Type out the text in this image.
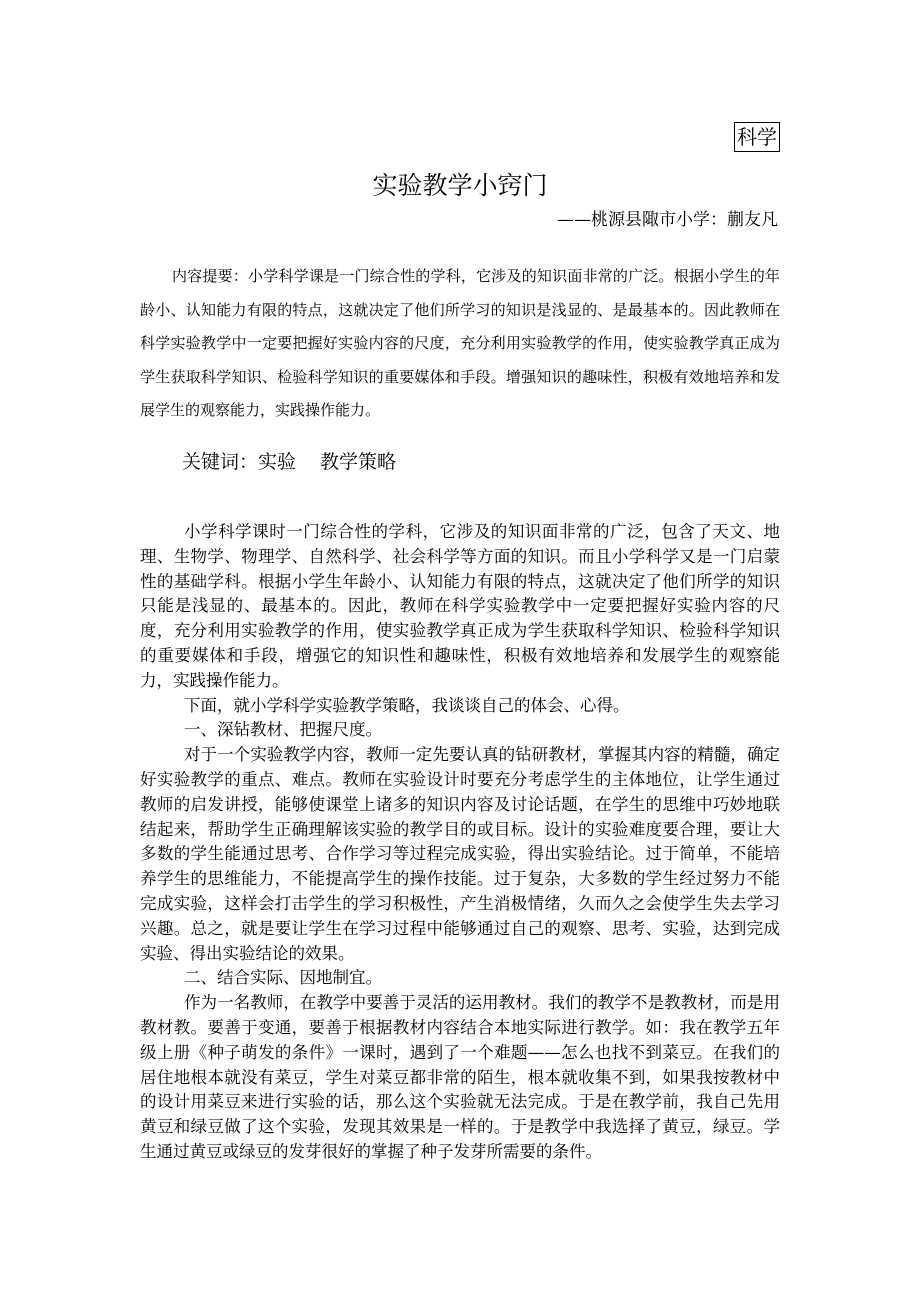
科学
实验教学小窍门
——桃源县陬市小学：蒯友凡

内容提要：小学科学课是一门综合性的学科，它涉及的知识面非常的广泛。根据小学生的年龄小、认知能力有限的特点，这就决定了他们所学习的知识是浅显的、是最基本的。因此教师在科学实验教学中一定要把握好实验内容的尺度，充分利用实验教学的作用，使实验教学真正成为学生获取科学知识、检验科学知识的重要媒体和手段。增强知识的趣味性，积极有效地培养和发展学生的观察能力，实践操作能力。

关键词：实验 教学策略

小学科学课时一门综合性的学科，它涉及的知识面非常的广泛，包含了天文、地理、生物学、物理学、自然科学、社会科学等方面的知识。而且小学科学又是一门启蒙性的基础学科。根据小学生年龄小、认知能力有限的特点，这就决定了他们所学的知识只能是浅显的、最基本的。因此，教师在科学实验教学中一定要把握好实验内容的尺度，充分利用实验教学的作用，使实验教学真正成为学生获取科学知识、检验科学知识的重要媒体和手段，增强它的知识性和趣味性，积极有效地培养和发展学生的观察能力，实践操作能力。

下面，就小学科学实验教学策略，我谈谈自己的体会、心得。

一、深钻教材、把握尺度。

对于一个实验教学内容，教师一定先要认真的钻研教材，掌握其内容的精髓，确定好实验教学的重点、难点。教师在实验设计时要充分考虑学生的主体地位，让学生通过教师的启发讲授，能够使课堂上诸多的知识内容及讨论话题，在学生的思维中巧妙地联结起来，帮助学生正确理解该实验的教学目的或目标。设计的实验难度要合理，要让大多数的学生能通过思考、合作学习等过程完成实验，得出实验结论。过于简单，不能培养学生的思维能力，不能提高学生的操作技能。过于复杂，大多数的学生经过努力不能完成实验，这样会打击学生的学习积极性，产生消极情绪，久而久之会使学生失去学习兴趣。总之，就是要让学生在学习过程中能够通过自己的观察、思考、实验，达到完成实验、得出实验结论的效果。

二、结合实际、因地制宜。

作为一名教师，在教学中要善于灵活的运用教材。我们的教学不是教教材，而是用教材教。要善于变通，要善于根据教材内容结合本地实际进行教学。如：我在教学五年级上册《种子萌发的条件》一课时，遇到了一个难题——怎么也找不到菜豆。在我们的居住地根本就没有菜豆，学生对菜豆都非常的陌生，根本就收集不到，如果我按教材中的设计用菜豆来进行实验的话，那么这个实验就无法完成。于是在教学前，我自己先用黄豆和绿豆做了这个实验，发现其效果是一样的。于是教学中我选择了黄豆，绿豆。学生通过黄豆或绿豆的发芽很好的掌握了种子发芽所需要的条件。
